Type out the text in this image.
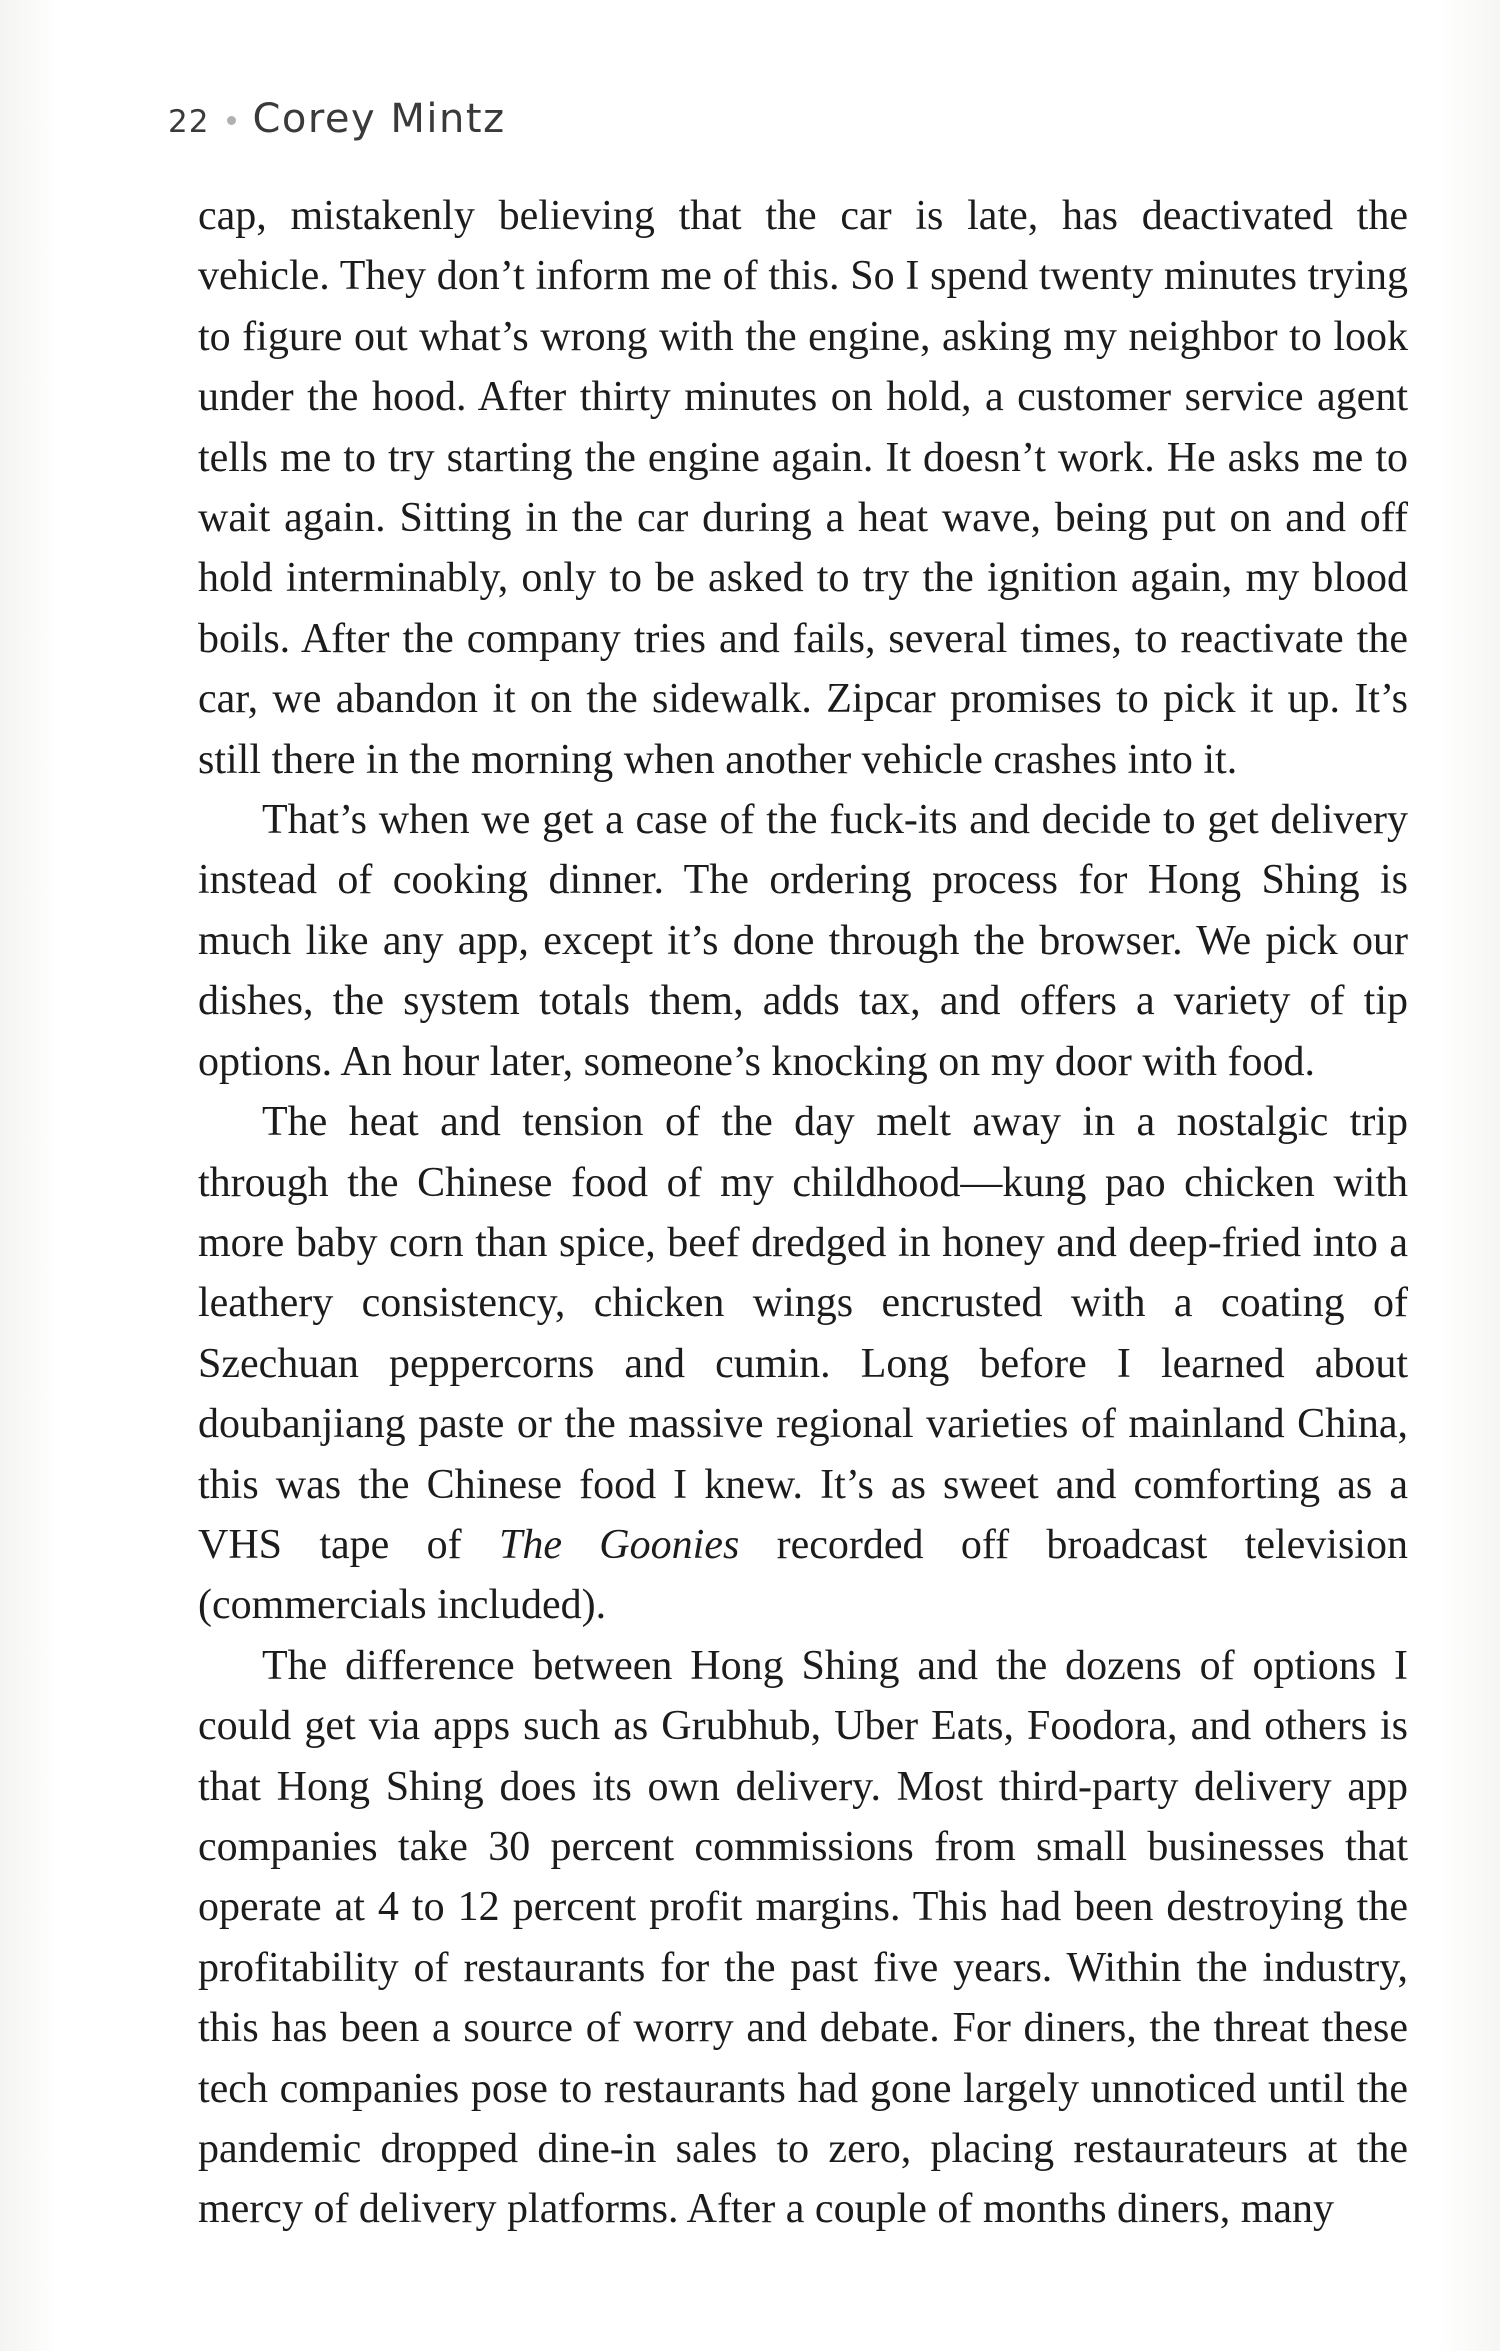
22 Corey Mintz

cap, mistakenly believing that the car is late, has deactivated the vehicle. They don’t inform me of this. So I spend twenty minutes trying to figure out what’s wrong with the engine, asking my neighbor to look under the hood. After thirty minutes on hold, a customer service agent tells me to try starting the engine again. It doesn’t work. He asks me to wait again. Sitting in the car during a heat wave, being put on and off hold interminably, only to be asked to try the ignition again, my blood boils. After the company tries and fails, several times, to reactivate the car, we abandon it on the sidewalk. Zipcar promises to pick it up. It’s still there in the morning when another vehicle crashes into it.

That’s when we get a case of the fuck-its and decide to get delivery instead of cooking dinner. The ordering process for Hong Shing is much like any app, except it’s done through the browser. We pick our dishes, the system totals them, adds tax, and offers a variety of tip options. An hour later, someone’s knocking on my door with food.

The heat and tension of the day melt away in a nostalgic trip through the Chinese food of my childhood—kung pao chicken with more baby corn than spice, beef dredged in honey and deep-fried into a leathery consistency, chicken wings encrusted with a coating of Szechuan peppercorns and cumin. Long before I learned about doubanjiang paste or the massive regional varieties of mainland China, this was the Chinese food I knew. It’s as sweet and comforting as a VHS tape of The Goonies recorded off broadcast television (commercials included).

The difference between Hong Shing and the dozens of options I could get via apps such as Grubhub, Uber Eats, Foodora, and others is that Hong Shing does its own delivery. Most third-party delivery app companies take 30 percent commissions from small businesses that operate at 4 to 12 percent profit margins. This had been destroying the profitability of restaurants for the past five years. Within the industry, this has been a source of worry and debate. For diners, the threat these tech companies pose to restaurants had gone largely unnoticed until the pandemic dropped dine-in sales to zero, placing restaurateurs at the mercy of delivery platforms. After a couple of months diners, many
